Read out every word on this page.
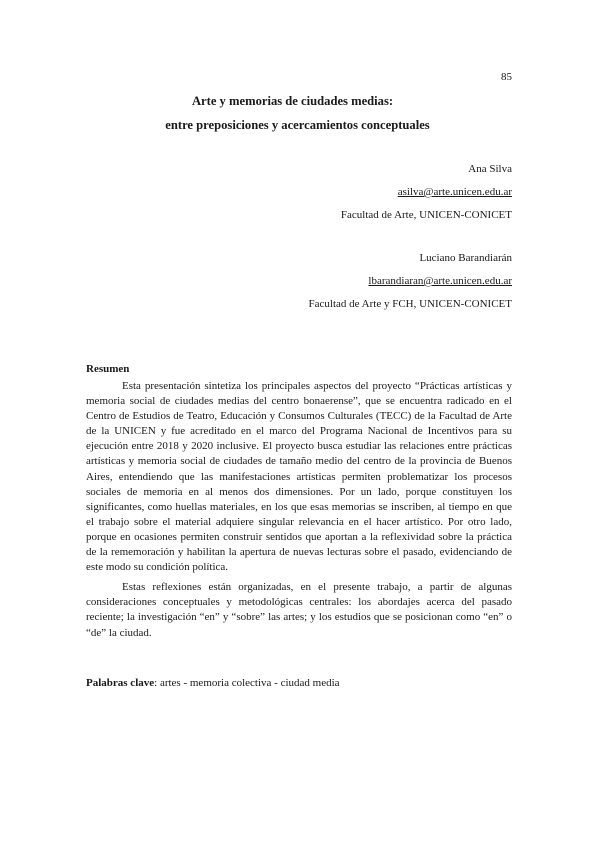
85
Arte y memorias de ciudades medias:
entre preposiciones y acercamientos conceptuales
Ana Silva
asilva@arte.unicen.edu.ar
Facultad de Arte, UNICEN-CONICET
Luciano Barandiarán
lbarandiaran@arte.unicen.edu.ar
Facultad de Arte y FCH, UNICEN-CONICET
Resumen

Esta presentación sintetiza los principales aspectos del proyecto “Prácticas artísticas y memoria social de ciudades medias del centro bonaerense”, que se encuentra radicado en el Centro de Estudios de Teatro, Educación y Consumos Culturales (TECC) de la Facultad de Arte de la UNICEN y fue acreditado en el marco del Programa Nacional de Incentivos para su ejecución entre 2018 y 2020 inclusive. El proyecto busca estudiar las relaciones entre prácticas artísticas y memoria social de ciudades de tamaño medio del centro de la provincia de Buenos Aires, entendiendo que las manifestaciones artísticas permiten problematizar los procesos sociales de memoria en al menos dos dimensiones. Por un lado, porque constituyen los significantes, como huellas materiales, en los que esas memorias se inscriben, al tiempo en que el trabajo sobre el material adquiere singular relevancia en el hacer artístico. Por otro lado, porque en ocasiones permiten construir sentidos que aportan a la reflexividad sobre la práctica de la rememoración y habilitan la apertura de nuevas lecturas sobre el pasado, evidenciando de este modo su condición política.

Estas reflexiones están organizadas, en el presente trabajo, a partir de algunas consideraciones conceptuales y metodológicas centrales: los abordajes acerca del pasado reciente; la investigación “en” y “sobre” las artes; y los estudios que se posicionan como “en” o “de” la ciudad.

Palabras clave: artes - memoria colectiva - ciudad media
